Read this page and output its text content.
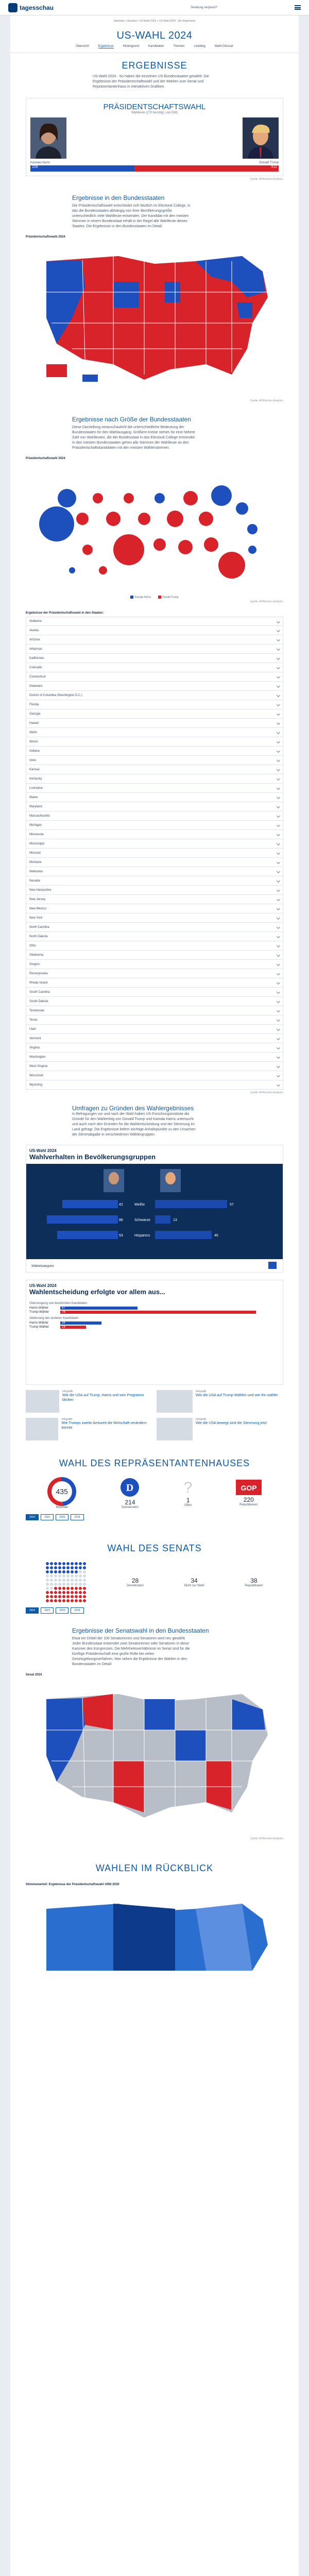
tagesschau	Sendung verpasst?
Startseite > Ausland > US-Wahl 2024 > US-Wahl 2024 - Die Ergebnisse
US-WAHL 2024
Übersicht	Ergebnisse	Hintergrund	Kandidaten	Themen	Liveblog	Wahl-Glossar
ERGEBNISSE

US-Wahl 2024 - So haben die einzelnen US-Bundesstaaten gewählt: Die Ergebnisse der Präsidentschaftswahl und der Wahlen zum Senat und Repräsentantenhaus in interaktiven Grafiken.

PRÄSIDENTSCHAFTSWAHL
Wahlleute (270 benötigt, von 538)
Kamala Harris	Donald Trump
226	312
Quelle: AP/Election Analytics
Ergebnisse in den Bundesstaaten

Die Präsidentschaftswahl entscheidet sich letztlich im Electoral College, in das die Bundesstaaten abhängig von ihrer Bevölkerungsgröße unterschiedlich viele Wahlleute entsenden. Der Kandidat mit den meisten Stimmen in einem Bundesstaat erhält in der Regel alle Wahlleute dieses Staates. Die Ergebnisse in den Bundesstaaten im Detail:

Präsidentschaftswahl 2024
Quelle: AP/Election Analytics
Ergebnisse nach Größe der Bundesstaaten

Diese Darstellung veranschaulicht die unterschiedliche Bedeutung der Bundesstaaten für den Wahlausgang. Größere Kreise stehen für eine höhere Zahl von Wahlleuten, die der Bundesstaat in das Electoral College entsendet. In den meisten Bundesstaaten gehen alle Stimmen der Wahlleute an den Präsidentschaftskandidaten mit den meisten Wählerstimmen.

Präsidentschaftswahl 2024
Kamala Harris	Donald Trump
Quelle: AP/Election Analytics
Ergebnisse der Präsidentschaftswahl in den Staaten:
Alabama
Alaska
Arizona
Arkansas
Kalifornien
Colorado
Connecticut
Delaware
District of Columbia (Washington D.C.)
Florida
Georgia
Hawaii
Idaho
Illinois
Indiana
Iowa
Kansas
Kentucky
Louisiana
Maine
Maryland
Massachusetts
Michigan
Minnesota
Mississippi
Missouri
Montana
Nebraska
Nevada
New Hampshire
New Jersey
New Mexico
New York
North Carolina
North Dakota
Ohio
Oklahoma
Oregon
Pennsylvania
Rhode Island
South Carolina
South Dakota
Tennessee
Texas
Utah
Vermont
Virginia
Washington
West Virginia
Wisconsin
Wyoming
Quelle: AP/Election Analytics
Umfragen zu Gründen des Wahlergebnisses

In Befragungen vor und nach der Wahl haben US-Forschungsinstitute die Gründe für den Wahlerfolg von Donald Trump und Kamala Harris untersucht und auch nach den Gründen für die Wahlentscheidung und der Stimmung im Land gefragt. Die Ergebnisse liefern wichtige Anhaltspunkte zu den Ursachen der Stimmabgabe in verschiedenen Wählergruppen.

US-Wahl 2024
Wahlverhalten in Bevölkerungsgruppen
42	Weiße	57
86	Schwarze	13
53	Hispanics	46
Wählerkategorie
US-Wahl 2024
Wahlentscheidung erfolgte vor allem aus...
Überzeugung von bestimmten Kandidaten
Harris-Wähler	67
Trump-Wähler	78
Ablehnung des anderen Kandidaten
Harris-Wähler	34
Trump-Wähler	19
Infografik
Wie die USA auf Trump, Harris und sein Programm blicken
Infografik
Wie die USA auf Trump-Wählen und wer ihn wählte
Infografik
Wie Trumps zweite Amtszeit die Wirtschaft verändern könnte
Infografik
Wie die USA bewegt sind die Stimmung jetzt
WAHL DES REPRÄSENTANTENHAUSES
435
Mandate
D
214
Demokraten
?
1
Offen
GOP
220
Republikaner
2024	2022	2020	2018
WAHL DES SENATS
28
Demokraten
34
Nicht zur Wahl
38
Republikaner
2024	2022	2020	2018
Ergebnisse der Senatswahl in den Bundesstaaten

Etwa ein Drittel der 100 Senatorinnen und Senatoren wird neu gewählt. Jeder Bundesstaat entsendet zwei Senatorinnen oder Senatoren in diese Kammer des Kongresses. Die Mehrheitsverhältnisse im Senat sind für die künftige Präsidentschaft eine große Rolle bei vielen Gesetzgebungsverfahren. Hier sehen die Ergebnisse der Wahlen in den Bundesstaaten im Detail:

Senat 2024
Quelle: AP/Election Analytics
WAHLEN IM RÜCKBLICK
Stimmenanteil: Ergebnisse der Präsidentschaftswahl 1992-2020
